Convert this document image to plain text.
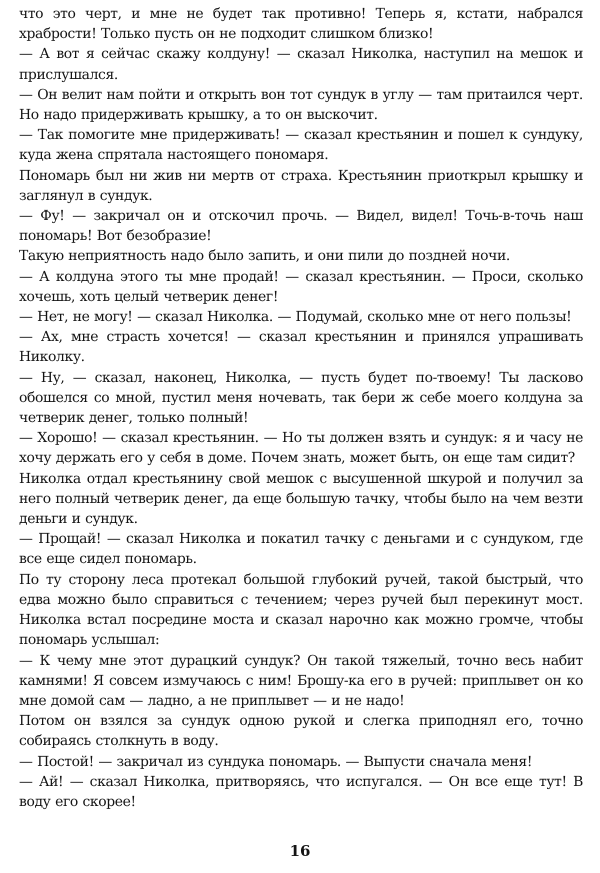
что это черт, и мне не будет так противно! Теперь я, кстати, набрался храбрости! Только пусть он не подходит слишком близко!

— А вот я сейчас скажу колдуну! — сказал Николка, наступил на мешок и прислушался.

— Он велит нам пойти и открыть вон тот сундук в углу — там притаился черт. Но надо придерживать крышку, а то он выскочит.

— Так помогите мне придерживать! — сказал крестьянин и пошел к сундуку, куда жена спрятала настоящего пономаря.

Пономарь был ни жив ни мертв от страха. Крестьянин приоткрыл крышку и заглянул в сундук.

— Фу! — закричал он и отскочил прочь. — Видел, видел! Точь-в-точь наш пономарь! Вот безобразие!

Такую неприятность надо было запить, и они пили до поздней ночи.

— А колдуна этого ты мне продай! — сказал крестьянин. — Проси, сколько хочешь, хоть целый четверик денег!

— Нет, не могу! — сказал Николка. — Подумай, сколько мне от него пользы!

— Ах, мне страсть хочется! — сказал крестьянин и принялся упрашивать Николку.

— Ну, — сказал, наконец, Николка, — пусть будет по-твоему! Ты ласково обошелся со мной, пустил меня ночевать, так бери ж себе моего колдуна за четверик денег, только полный!

— Хорошо! — сказал крестьянин. — Но ты должен взять и сундук: я и часу не хочу держать его у себя в доме. Почем знать, может быть, он еще там сидит?

Николка отдал крестьянину свой мешок с высушенной шкурой и получил за него полный четверик денег, да еще большую тачку, чтобы было на чем везти деньги и сундук.

— Прощай! — сказал Николка и покатил тачку с деньгами и с сундуком, где все еще сидел пономарь.

По ту сторону леса протекал большой глубокий ручей, такой быстрый, что едва можно было справиться с течением; через ручей был перекинут мост. Николка встал посредине моста и сказал нарочно как можно громче, чтобы пономарь услышал:

— К чему мне этот дурацкий сундук? Он такой тяжелый, точно весь набит камнями! Я совсем измучаюсь с ним! Брошу-ка его в ручей: приплывет он ко мне домой сам — ладно, а не приплывет — и не надо!

Потом он взялся за сундук одною рукой и слегка приподнял его, точно собираясь столкнуть в воду.

— Постой! — закричал из сундука пономарь. — Выпусти сначала меня!

— Ай! — сказал Николка, притворяясь, что испугался. — Он все еще тут! В воду его скорее!

16
